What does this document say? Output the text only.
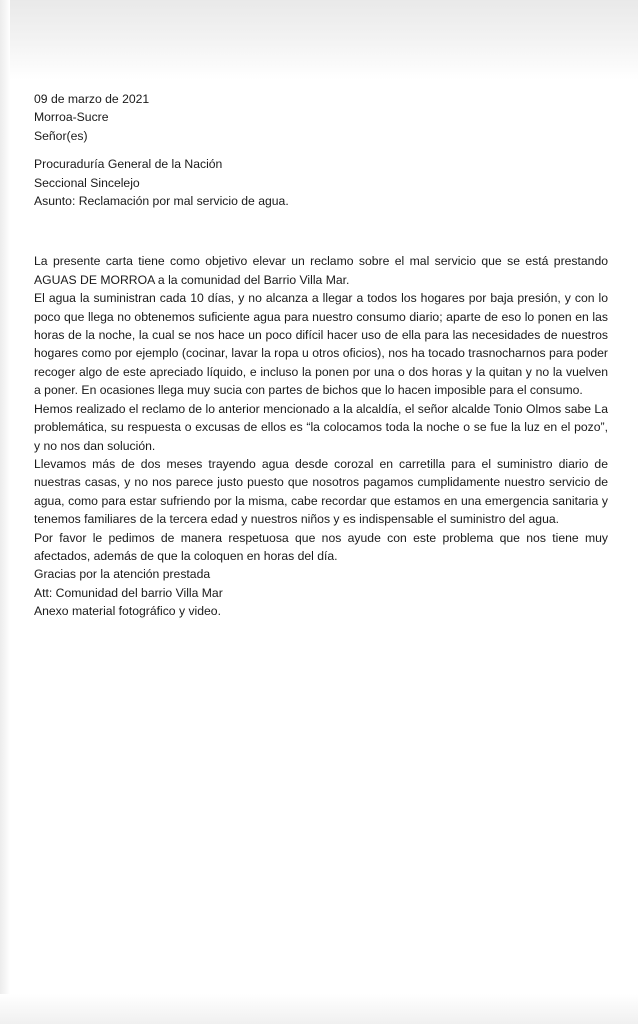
09 de marzo de 2021

Morroa-Sucre

Señor(es)

Procuraduría General de la Nación

Seccional Sincelejo

Asunto: Reclamación por mal servicio de agua.

La presente carta tiene como objetivo elevar un reclamo sobre el mal servicio que se está prestando AGUAS DE MORROA a la comunidad del Barrio Villa Mar.

El agua la suministran cada 10 días, y no alcanza a llegar a todos los hogares por baja presión, y con lo poco que llega no obtenemos suficiente agua para nuestro consumo diario; aparte de eso lo ponen en las horas de la noche, la cual se nos hace un poco difícil hacer uso de ella para las necesidades de nuestros hogares como por ejemplo (cocinar, lavar la ropa u otros oficios), nos ha tocado trasnocharnos para poder recoger algo de este apreciado líquido, e incluso la ponen por una o dos horas y la quitan y no la vuelven a poner. En ocasiones llega muy sucia con partes de bichos que lo hacen imposible para el consumo.

Hemos realizado el reclamo de lo anterior mencionado a la alcaldía, el señor alcalde Tonio Olmos sabe La problemática, su respuesta o excusas de ellos es “la colocamos toda la noche o se fue la luz en el pozo”, y no nos dan solución.

Llevamos más de dos meses trayendo agua desde corozal en carretilla para el suministro diario de nuestras casas, y no nos parece justo puesto que nosotros pagamos cumplidamente nuestro servicio de agua, como para estar sufriendo por la misma, cabe recordar que estamos en una emergencia sanitaria y tenemos familiares de la tercera edad y nuestros niños y es indispensable el suministro del agua.

Por favor le pedimos de manera respetuosa que nos ayude con este problema que nos tiene muy afectados, además de que la coloquen en horas del día.

Gracias por la atención prestada

Att: Comunidad del barrio Villa Mar

Anexo material fotográfico y video.
